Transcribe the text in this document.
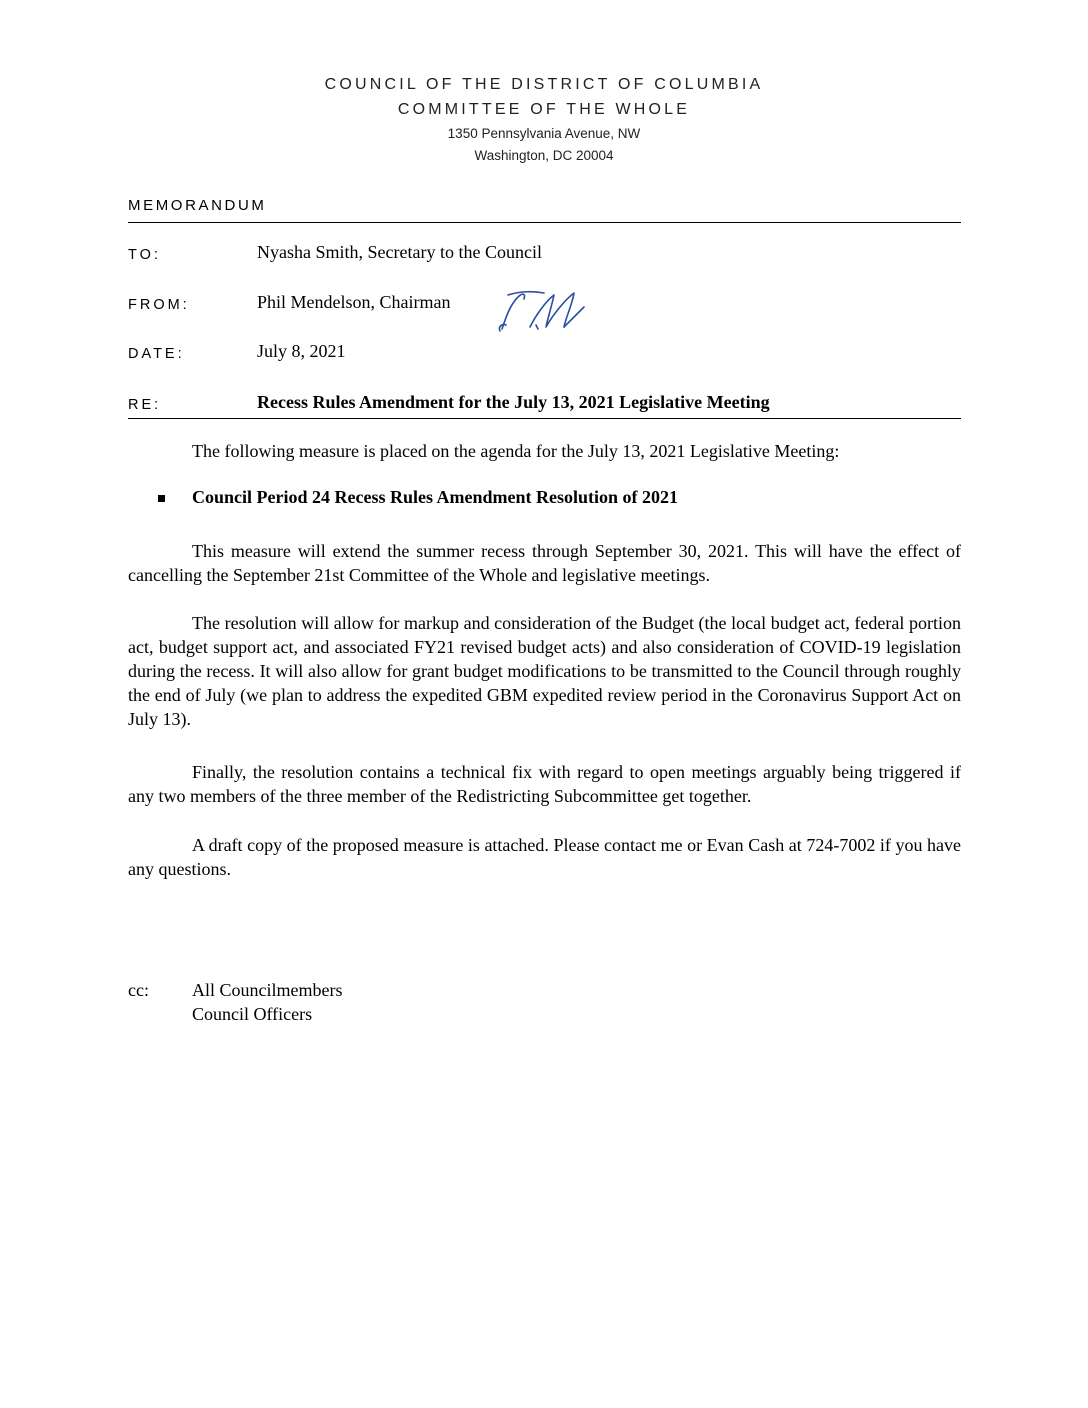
COUNCIL OF THE DISTRICT OF COLUMBIA
COMMITTEE OF THE WHOLE
1350 Pennsylvania Avenue, NW
Washington, DC 20004
MEMORANDUM
TO:	Nyasha Smith, Secretary to the Council
FROM:	Phil Mendelson, Chairman
DATE:	July 8, 2021
RE:	Recess Rules Amendment for the July 13, 2021 Legislative Meeting
The following measure is placed on the agenda for the July 13, 2021 Legislative Meeting:
Council Period 24 Recess Rules Amendment Resolution of 2021
This measure will extend the summer recess through September 30, 2021. This will have the effect of cancelling the September 21st Committee of the Whole and legislative meetings.
The resolution will allow for markup and consideration of the Budget (the local budget act, federal portion act, budget support act, and associated FY21 revised budget acts) and also consideration of COVID-19 legislation during the recess. It will also allow for grant budget modifications to be transmitted to the Council through roughly the end of July (we plan to address the expedited GBM expedited review period in the Coronavirus Support Act on July 13).
Finally, the resolution contains a technical fix with regard to open meetings arguably being triggered if any two members of the three member of the Redistricting Subcommittee get together.
A draft copy of the proposed measure is attached. Please contact me or Evan Cash at 724-7002 if you have any questions.
cc: All Councilmembers
Council Officers
